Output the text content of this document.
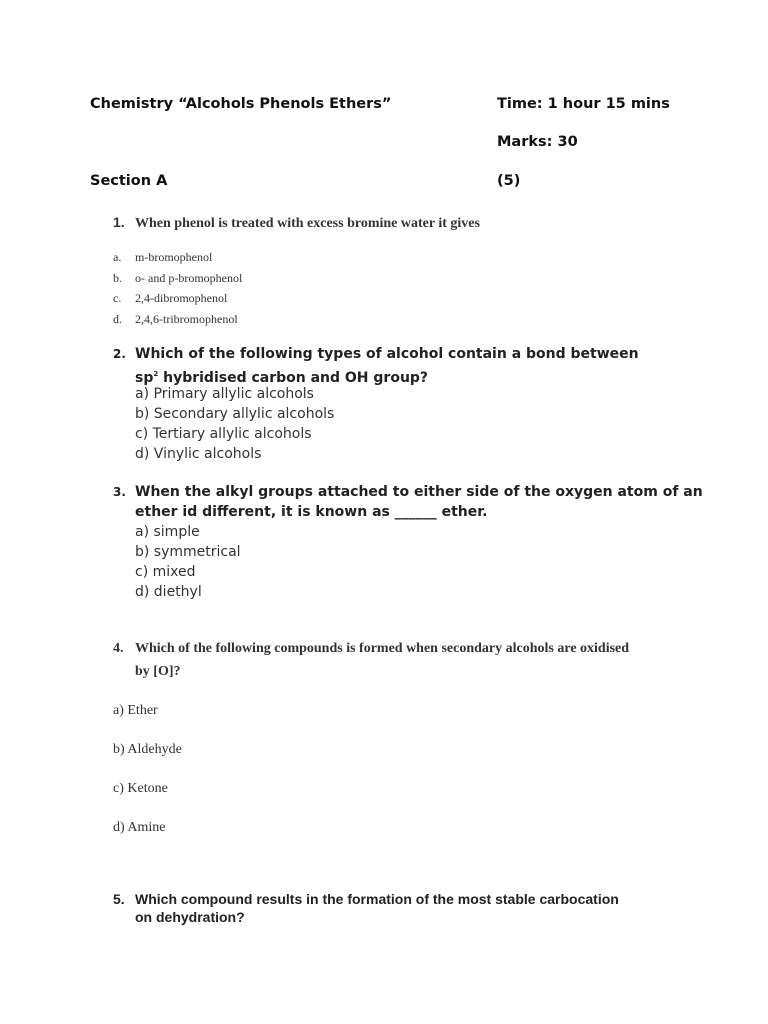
Chemistry “Alcohols Phenols Ethers”	Time: 1 hour 15 mins
Marks: 30
Section A	(5)
1. When phenol is treated with excess bromine water it gives
a. m-bromophenol
b. o- and p-bromophenol
c. 2,4-dibromophenol
d. 2,4,6-tribromophenol
2. Which of the following types of alcohol contain a bond between
$sp^2$ hybridised carbon and OH group?
a) Primary allylic alcohols
b) Secondary allylic alcohols
c) Tertiary allylic alcohols
d) Vinylic alcohols
3. When the alkyl groups attached to either side of the oxygen atom of an
ether id different, it is known as ______ ether.
a) simple
b) symmetrical
c) mixed
d) diethyl
4. Which of the following compounds is formed when secondary alcohols are oxidised
by [O]?
a) Ether
b) Aldehyde
c) Ketone
d) Amine
5. Which compound results in the formation of the most stable carbocation
on dehydration?
